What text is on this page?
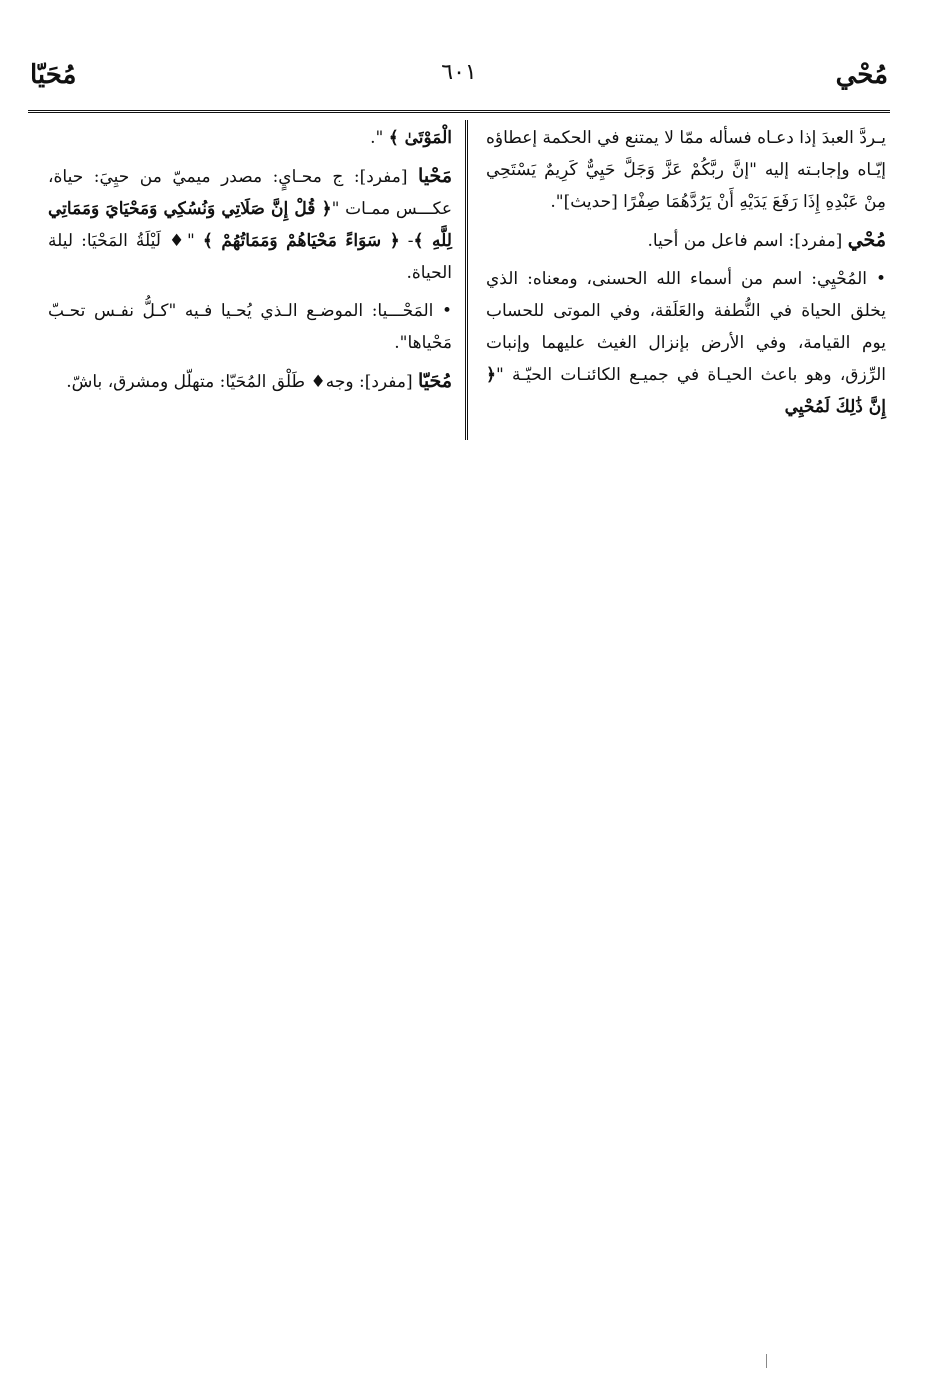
مُحْي
٦٠١
مُحَيّا

يـردَّ العبدَ إذا دعـاه فسأله ممّا لا يمتنع في الحكمة إعطاؤه إيّـاه وإجابـته إليه "إنَّ ربَّكُمْ عَزَّ وَجَلَّ حَيِيٌّ كَرِيمٌ يَسْتَحِي مِنْ عَبْدِهِ إِذَا رَفَعَ يَدَيْهِ أَنْ يَرُدَّهُمَا صِفْرًا [حديث]".

مُحْي [مفرد]: اسم فاعل من أحيا.

• المُحْيِي: اسم من أسماء الله الحسنى، ومعناه: الذي يخلق الحياة في النُّطفة والعَلَقة، وفي الموتى للحساب يوم القيامة، وفي الأرض بإنزال الغيث عليهما وإنبات الرِّزق، وهو باعث الحيـاة في جميـع الكائنـات الحيّـة "﴿ إِنَّ ذَٰلِكَ لَمُحْيِي

الْمَوْتَىٰ ﴾ ".

مَحْيا [مفرد]: ج محـايٍ: مصدر ميميّ من حيِيَ: حياة، عكـــس ممـات "﴿ قُلْ إِنَّ صَلَاتِي وَنُسُكِي وَمَحْيَايَ وَمَمَاتِي لِلَّهِ ﴾- ﴿ سَوَاءً مَحْيَاهُمْ وَمَمَاتُهُمْ ﴾ "♦ لَيْلَةُ المَحْيَا: ليلة الحياة.

• المَحْـــيا: الموضـع الـذي يُحـيا فـيه "كـلُّ نفـس تحـبّ مَحْياها".

مُحَيّا [مفرد]: وجه♦ طَلْق المُحَيّا: متهلّل ومشرق، باشّ.
